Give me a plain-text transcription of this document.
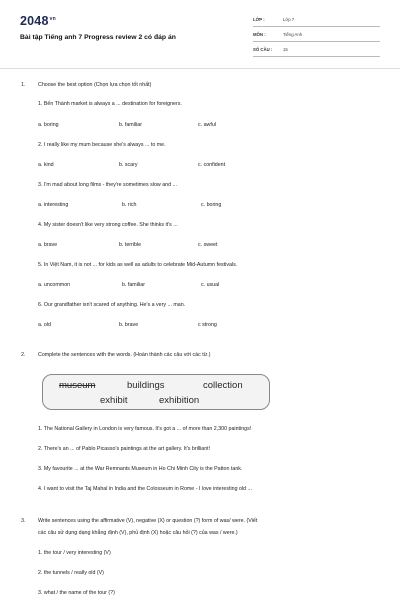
$2048^{vn}$
Bài tập Tiếng anh 7 Progress review 2 có đáp án
LỚP :	Lớp 7
MÔN :	Tiếng Anh
SỐ CÂU : 15
1. Choose the best option (Chọn lựa chọn tốt nhất)
1. Bến Thành market is always a ... destination for foreigners.
a. boring	b. familiar	c. awful
2. I really like my mum because she's always ... to me.
a. kind	b. scary	c. confident
3. I'm mad about long films - they're sometimes slow and ...
a. interesting	b. rich	c. boring
4. My sister doesn't like very strong coffee. She thinks it's ...
a. brave	b. terrible	c. sweet
5. In Việt Nam, it is not ... for kids as well as adults to celebrate Mid-Autumn festivals.
a. uncommon	b. familiar	c. usual
6. Our grandfather isn't scared of anything. He's a very ... man.
a. old	b. brave	c strong
2. Complete the sentences with the words. (Hoàn thành các câu với các từ.)
museum	buildings	collection
exhibit	exhibition
1. The National Gallery in London is very famous. It's got a ... of more than 2,300 paintings!
2. There's an ... of Pablo Picasso's paintings at the art gallery. It's brilliant!
3. My favourite ... at the War Remnants Museum in Ho Chi Minh City is the Patton tank.
4. I want to visit the Taj Mahal in India and the Colosseum in Rome - I love interesting old ...
3. Write sentences using the affirmative (V), negative (X) or question (?) form of was/ were. (Viết
các câu sử dụng dạng khẳng định (V), phủ định (X) hoặc câu hỏi (?) của was / were.)
1. the tour / very interesting (V)
2. the tunnels / really old (V)
3. what / the name of the tour (?)
